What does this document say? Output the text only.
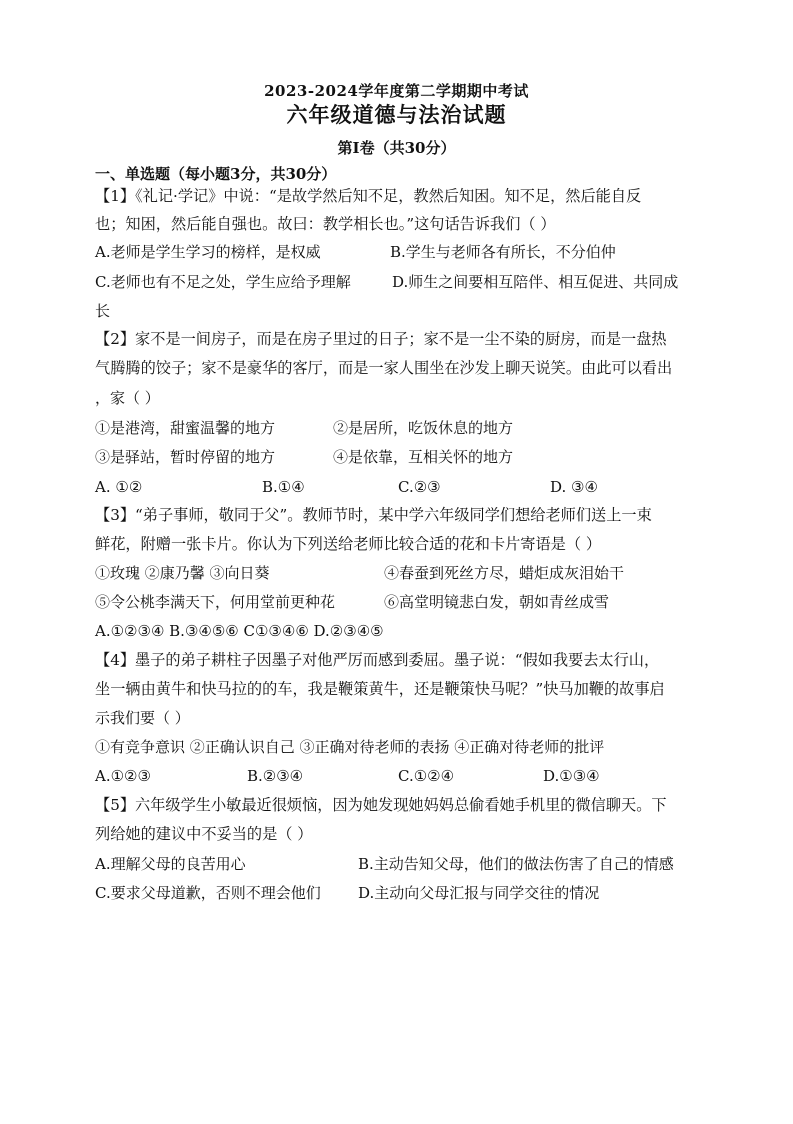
2023-2024学年度第二学期期中考试
六年级道德与法治试题
第Ⅰ卷（共30分）
一、单选题（每小题3分，共30分）
【1】《礼记·学记》中说：“是故学然后知不足，教然后知困。知不足，然后能自反
也；知困，然后能自强也。故曰：教学相长也。”这句话告诉我们（ ）
A.老师是学生学习的榜样，是权威	B.学生与老师各有所长，不分伯仲
C.老师也有不足之处，学生应给予理解	D.师生之间要相互陪伴、相互促进、共同成
长
【2】家不是一间房子，而是在房子里过的日子；家不是一尘不染的厨房，而是一盘热
气腾腾的饺子；家不是豪华的客厅，而是一家人围坐在沙发上聊天说笑。由此可以看出
，家（ ）
①是港湾，甜蜜温馨的地方	②是居所，吃饭休息的地方
③是驿站，暂时停留的地方	④是依靠，互相关怀的地方
A. ①②	B.①④	C.②③	D. ③④
【3】“弟子事师，敬同于父”。教师节时，某中学六年级同学们想给老师们送上一束
鲜花，附赠一张卡片。你认为下列送给老师比较合适的花和卡片寄语是（ ）
①玫瑰 ②康乃馨 ③向日葵	④春蚕到死丝方尽，蜡炬成灰泪始干
⑤令公桃李满天下，何用堂前更种花	⑥高堂明镜悲白发，朝如青丝成雪
A.①②③④ B.③④⑤⑥ C①③④⑥ D.②③④⑤
【4】墨子的弟子耕柱子因墨子对他严厉而感到委屈。墨子说：“假如我要去太行山，
坐一辆由黄牛和快马拉的的车，我是鞭策黄牛，还是鞭策快马呢？”快马加鞭的故事启
示我们要（ ）
①有竞争意识 ②正确认识自己 ③正确对待老师的表扬 ④正确对待老师的批评
A.①②③	B.②③④	C.①②④	D.①③④
【5】六年级学生小敏最近很烦恼，因为她发现她妈妈总偷看她手机里的微信聊天。下
列给她的建议中不妥当的是（ ）
A.理解父母的良苦用心	B.主动告知父母，他们的做法伤害了自己的情感
C.要求父母道歉，否则不理会他们 D.主动向父母汇报与同学交往的情况
